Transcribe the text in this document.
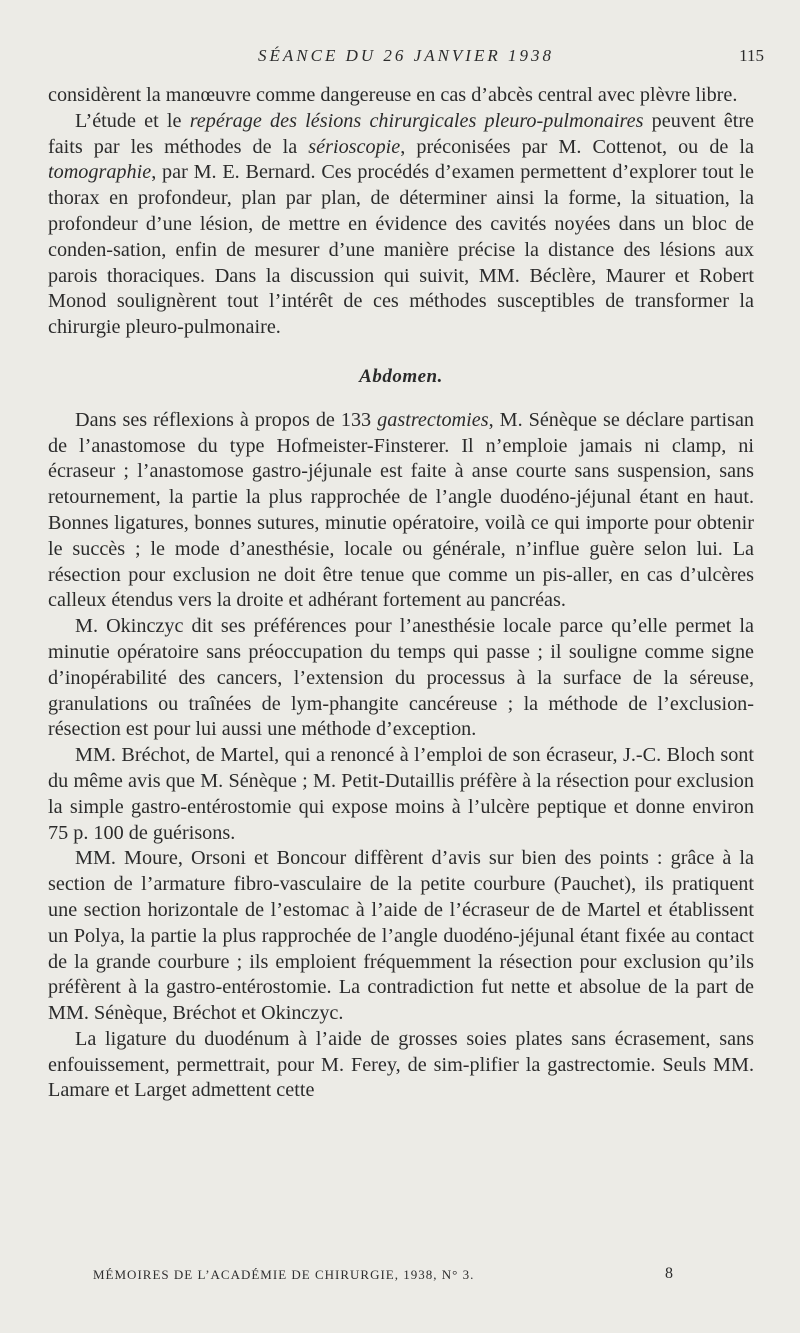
SÉANCE DU 26 JANVIER 1938	115

considèrent la manœuvre comme dangereuse en cas d’abcès central avec plèvre libre.

L’étude et le repérage des lésions chirurgicales pleuro-pulmonaires peuvent être faits par les méthodes de la sérioscopie, préconisées par M. Cottenot, ou de la tomographie, par M. E. Bernard. Ces procédés d’examen permettent d’explorer tout le thorax en profondeur, plan par plan, de déterminer ainsi la forme, la situation, la profondeur d’une lésion, de mettre en évidence des cavités noyées dans un bloc de conden-sation, enfin de mesurer d’une manière précise la distance des lésions aux parois thoraciques. Dans la discussion qui suivit, MM. Béclère, Maurer et Robert Monod soulignèrent tout l’intérêt de ces méthodes susceptibles de transformer la chirurgie pleuro-pulmonaire.

Abdomen.

Dans ses réflexions à propos de 133 gastrectomies, M. Sénèque se déclare partisan de l’anastomose du type Hofmeister-Finsterer. Il n’emploie jamais ni clamp, ni écraseur ; l’anastomose gastro-jéjunale est faite à anse courte sans suspension, sans retournement, la partie la plus rapprochée de l’angle duodéno-jéjunal étant en haut. Bonnes ligatures, bonnes sutures, minutie opératoire, voilà ce qui importe pour obtenir le succès ; le mode d’anesthésie, locale ou générale, n’influe guère selon lui. La résection pour exclusion ne doit être tenue que comme un pis-aller, en cas d’ulcères calleux étendus vers la droite et adhérant fortement au pancréas.

M. Okinczyc dit ses préférences pour l’anesthésie locale parce qu’elle permet la minutie opératoire sans préoccupation du temps qui passe ; il souligne comme signe d’inopérabilité des cancers, l’extension du processus à la surface de la séreuse, granulations ou traînées de lym-phangite cancéreuse ; la méthode de l’exclusion-résection est pour lui aussi une méthode d’exception.

MM. Bréchot, de Martel, qui a renoncé à l’emploi de son écraseur, J.-C. Bloch sont du même avis que M. Sénèque ; M. Petit-Dutaillis préfère à la résection pour exclusion la simple gastro-entérostomie qui expose moins à l’ulcère peptique et donne environ 75 p. 100 de guérisons.

MM. Moure, Orsoni et Boncour diffèrent d’avis sur bien des points : grâce à la section de l’armature fibro-vasculaire de la petite courbure (Pauchet), ils pratiquent une section horizontale de l’estomac à l’aide de l’écraseur de de Martel et établissent un Polya, la partie la plus rapprochée de l’angle duodéno-jéjunal étant fixée au contact de la grande courbure ; ils emploient fréquemment la résection pour exclusion qu’ils préfèrent à la gastro-entérostomie. La contradiction fut nette et absolue de la part de MM. Sénèque, Bréchot et Okinczyc.

La ligature du duodénum à l’aide de grosses soies plates sans écrasement, sans enfouissement, permettrait, pour M. Ferey, de sim-plifier la gastrectomie. Seuls MM. Lamare et Larget admettent cette

MÉMOIRES DE L’ACADÉMIE DE CHIRURGIE, 1938, N° 3.	8
